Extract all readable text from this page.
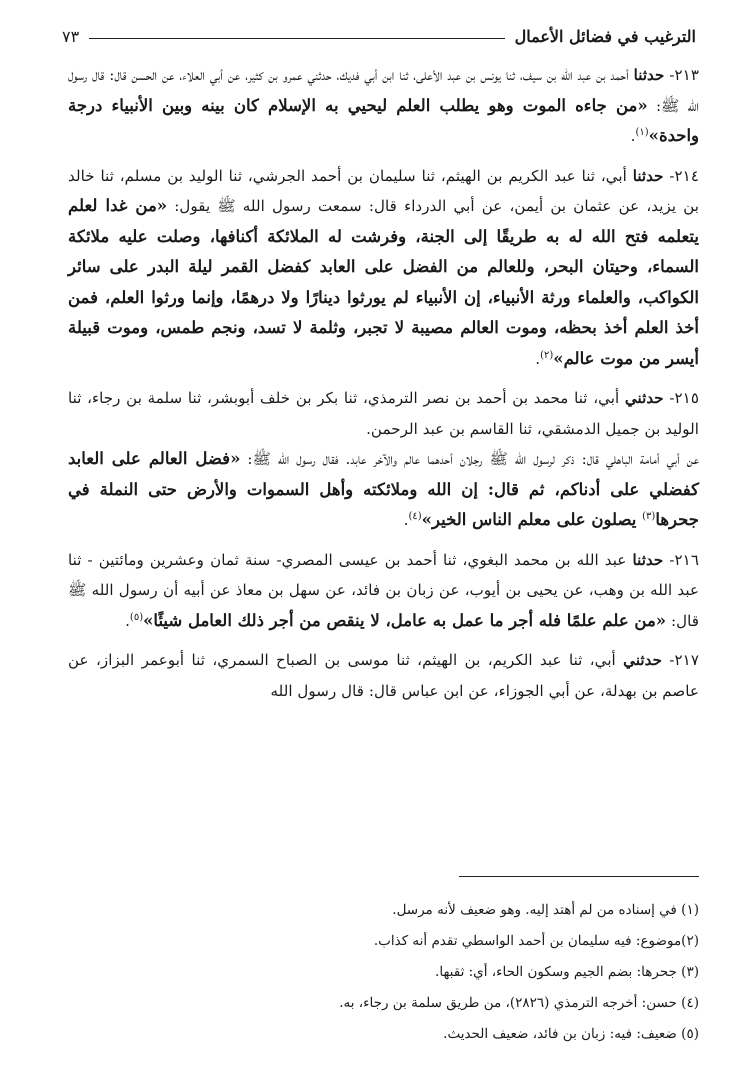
الترغيب في فضائل الأعمال
٧٣

٢١٣- حدثنا أحمد بن عبد الله بن سيف، ثنا يونس بن عبد الأعلى، ثنا ابن أبي فديك، حدثني عمرو بن كثير، عن أبي العلاء، عن الحسن قال: قال رسول الله ﷺ: «من جاءه الموت وهو يطلب العلم ليحيي به الإسلام كان بينه وبين الأنبياء درجة واحدة»$^{(١)}$.

٢١٤- حدثنا أبي، ثنا عبد الكريم بن الهيثم، ثنا سليمان بن أحمد الجرشي، ثنا الوليد بن مسلم، ثنا خالد بن يزيد، عن عثمان بن أيمن، عن أبي الدرداء قال: سمعت رسول الله ﷺ يقول: «من غدا لعلم يتعلمه فتح الله له به طريقًا إلى الجنة، وفرشت له الملائكة أكنافها، وصلت عليه ملائكة السماء، وحيتان البحر، وللعالم من الفضل على العابد كفضل القمر ليلة البدر على سائر الكواكب، والعلماء ورثة الأنبياء، إن الأنبياء لم يورثوا دينارًا ولا درهمًا، وإنما ورثوا العلم، فمن أخذ العلم أخذ بحظه، وموت العالم مصيبة لا تجبر، وثلمة لا تسد، ونجم طمس، وموت قبيلة أيسر من موت عالم»$^{(٢)}$.

٢١٥- حدثني أبي، ثنا محمد بن أحمد بن نصر الترمذي، ثنا بكر بن خلف أبوبشر، ثنا سلمة بن رجاء، ثنا الوليد بن جميل الدمشقي، ثنا القاسم بن عبد الرحمن.

عن أبي أمامة الباهلي قال: ذكر لرسول الله ﷺ رجلان أحدهما عالم والآخر عابد. فقال رسول الله ﷺ: «فضل العالم على العابد كفضلي على أدناكم، ثم قال: إن الله وملائكته وأهل السموات والأرض حتى النملة في جحرها$^{(٣)}$ يصلون على معلم الناس الخير»$^{(٤)}$.

٢١٦- حدثنا عبد الله بن محمد البغوي، ثنا أحمد بن عيسى المصري- سنة ثمان وعشرين ومائتين - ثنا عبد الله بن وهب، عن يحيى بن أيوب، عن زبان بن فائد، عن سهل بن معاذ عن أبيه أن رسول الله ﷺ قال: «من علم علمًا فله أجر ما عمل به عامل، لا ينقص من أجر ذلك العامل شيئًا»$^{(٥)}$.

٢١٧- حدثني أبي، ثنا عبد الكريم، بن الهيثم، ثنا موسى بن الصباح السمري، ثنا أبوعمر البزاز، عن عاصم بن بهدلة، عن أبي الجوزاء، عن ابن عباس قال: قال رسول الله

(١) في إسناده من لم أهتد إليه. وهو ضعيف لأنه مرسل.

(٢)موضوع: فيه سليمان بن أحمد الواسطي تقدم أنه كذاب.

(٣) جحرها: بضم الجيم وسكون الحاء، أي: ثقبها.

(٤) حسن: أخرجه الترمذي (٢٨٢٦)، من طريق سلمة بن رجاء، به.

(٥) ضعيف: فيه: زبان بن فائد، ضعيف الحديث.
